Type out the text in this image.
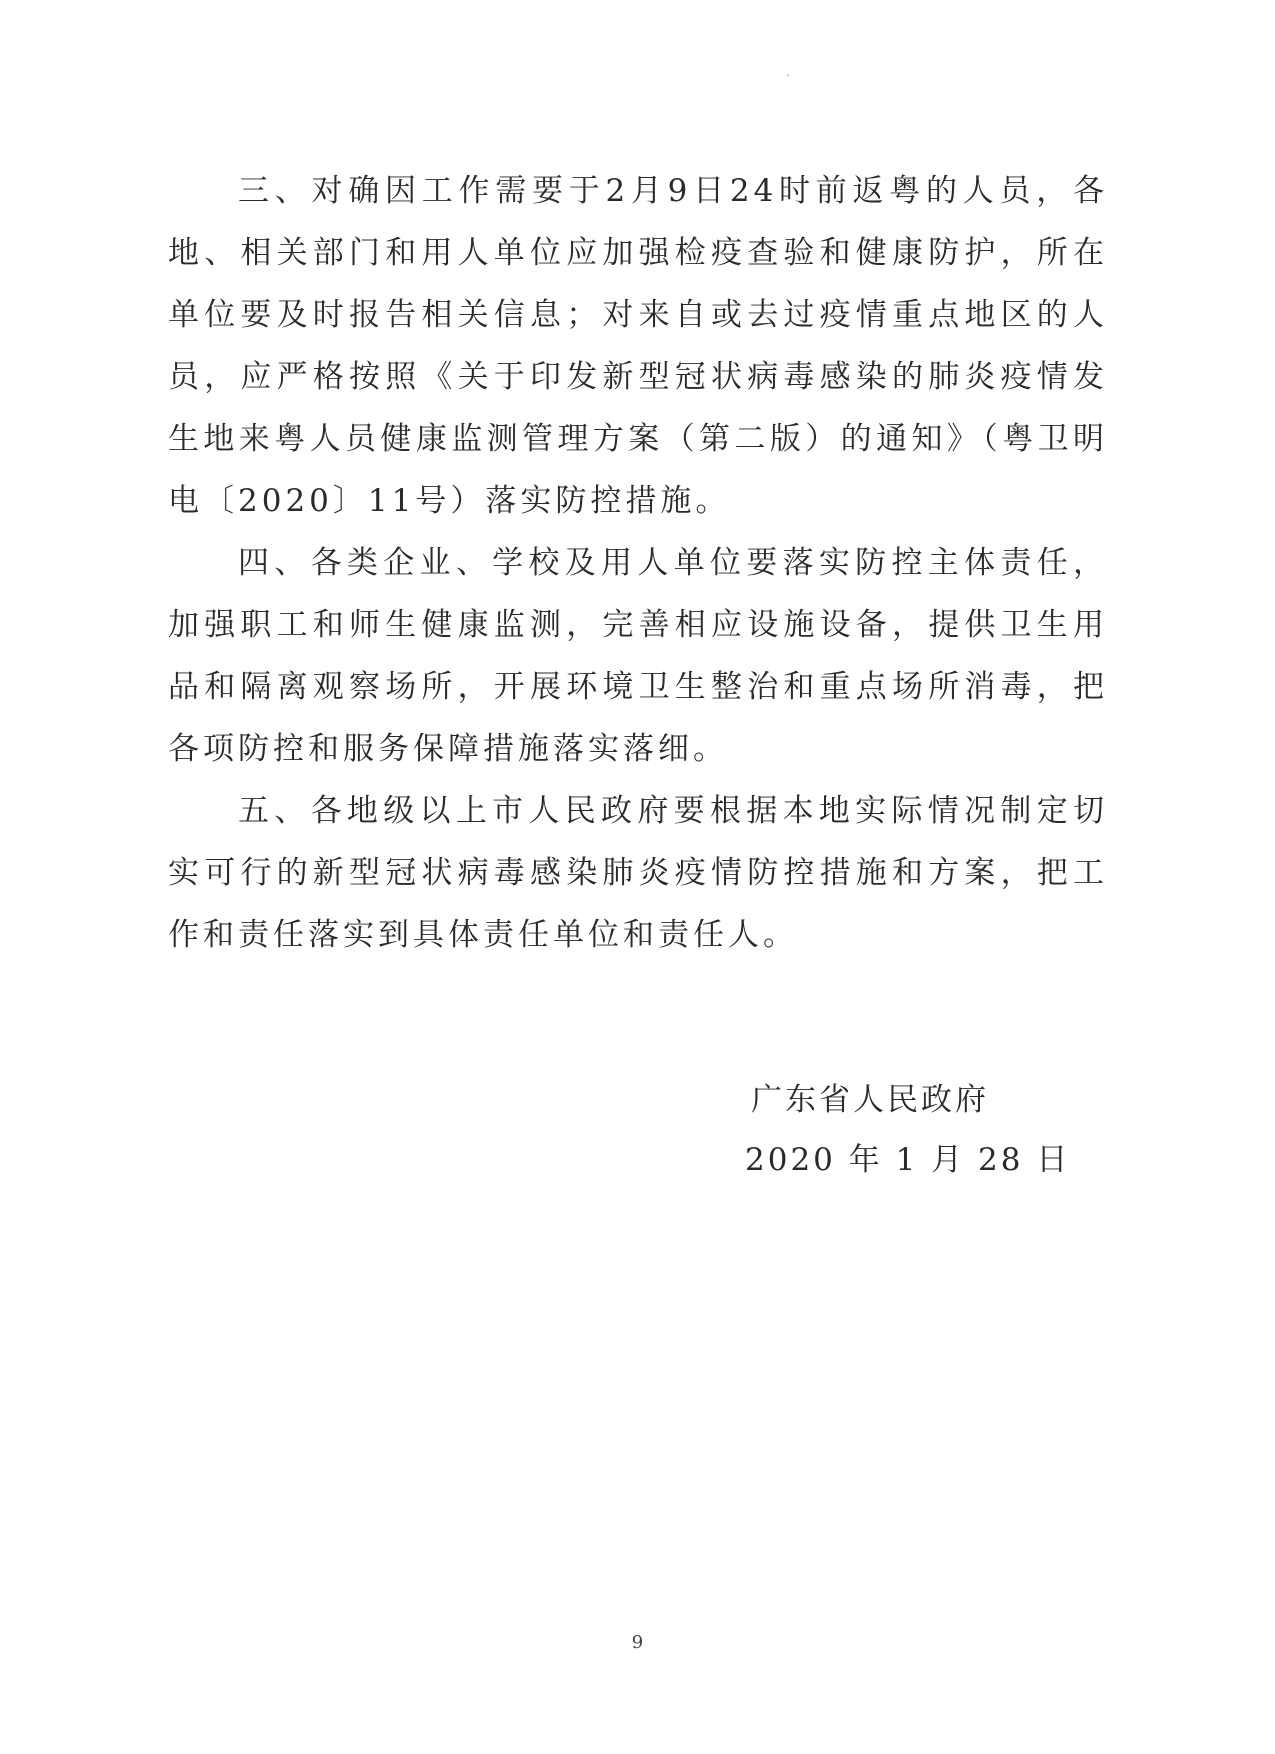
三、对确因工作需要于2月9日24时前返粤的人员，各地、相关部门和用人单位应加强检疫查验和健康防护，所在单位要及时报告相关信息；对来自或去过疫情重点地区的人员，应严格按照《关于印发新型冠状病毒感染的肺炎疫情发生地来粤人员健康监测管理方案（第二版）的通知》（粤卫明电〔2020〕11号）落实防控措施。

四、各类企业、学校及用人单位要落实防控主体责任，加强职工和师生健康监测，完善相应设施设备，提供卫生用品和隔离观察场所，开展环境卫生整治和重点场所消毒，把各项防控和服务保障措施落实落细。

五、各地级以上市人民政府要根据本地实际情况制定切实可行的新型冠状病毒感染肺炎疫情防控措施和方案，把工作和责任落实到具体责任单位和责任人。

广东省人民政府
2020 年 1 月 28 日
9
